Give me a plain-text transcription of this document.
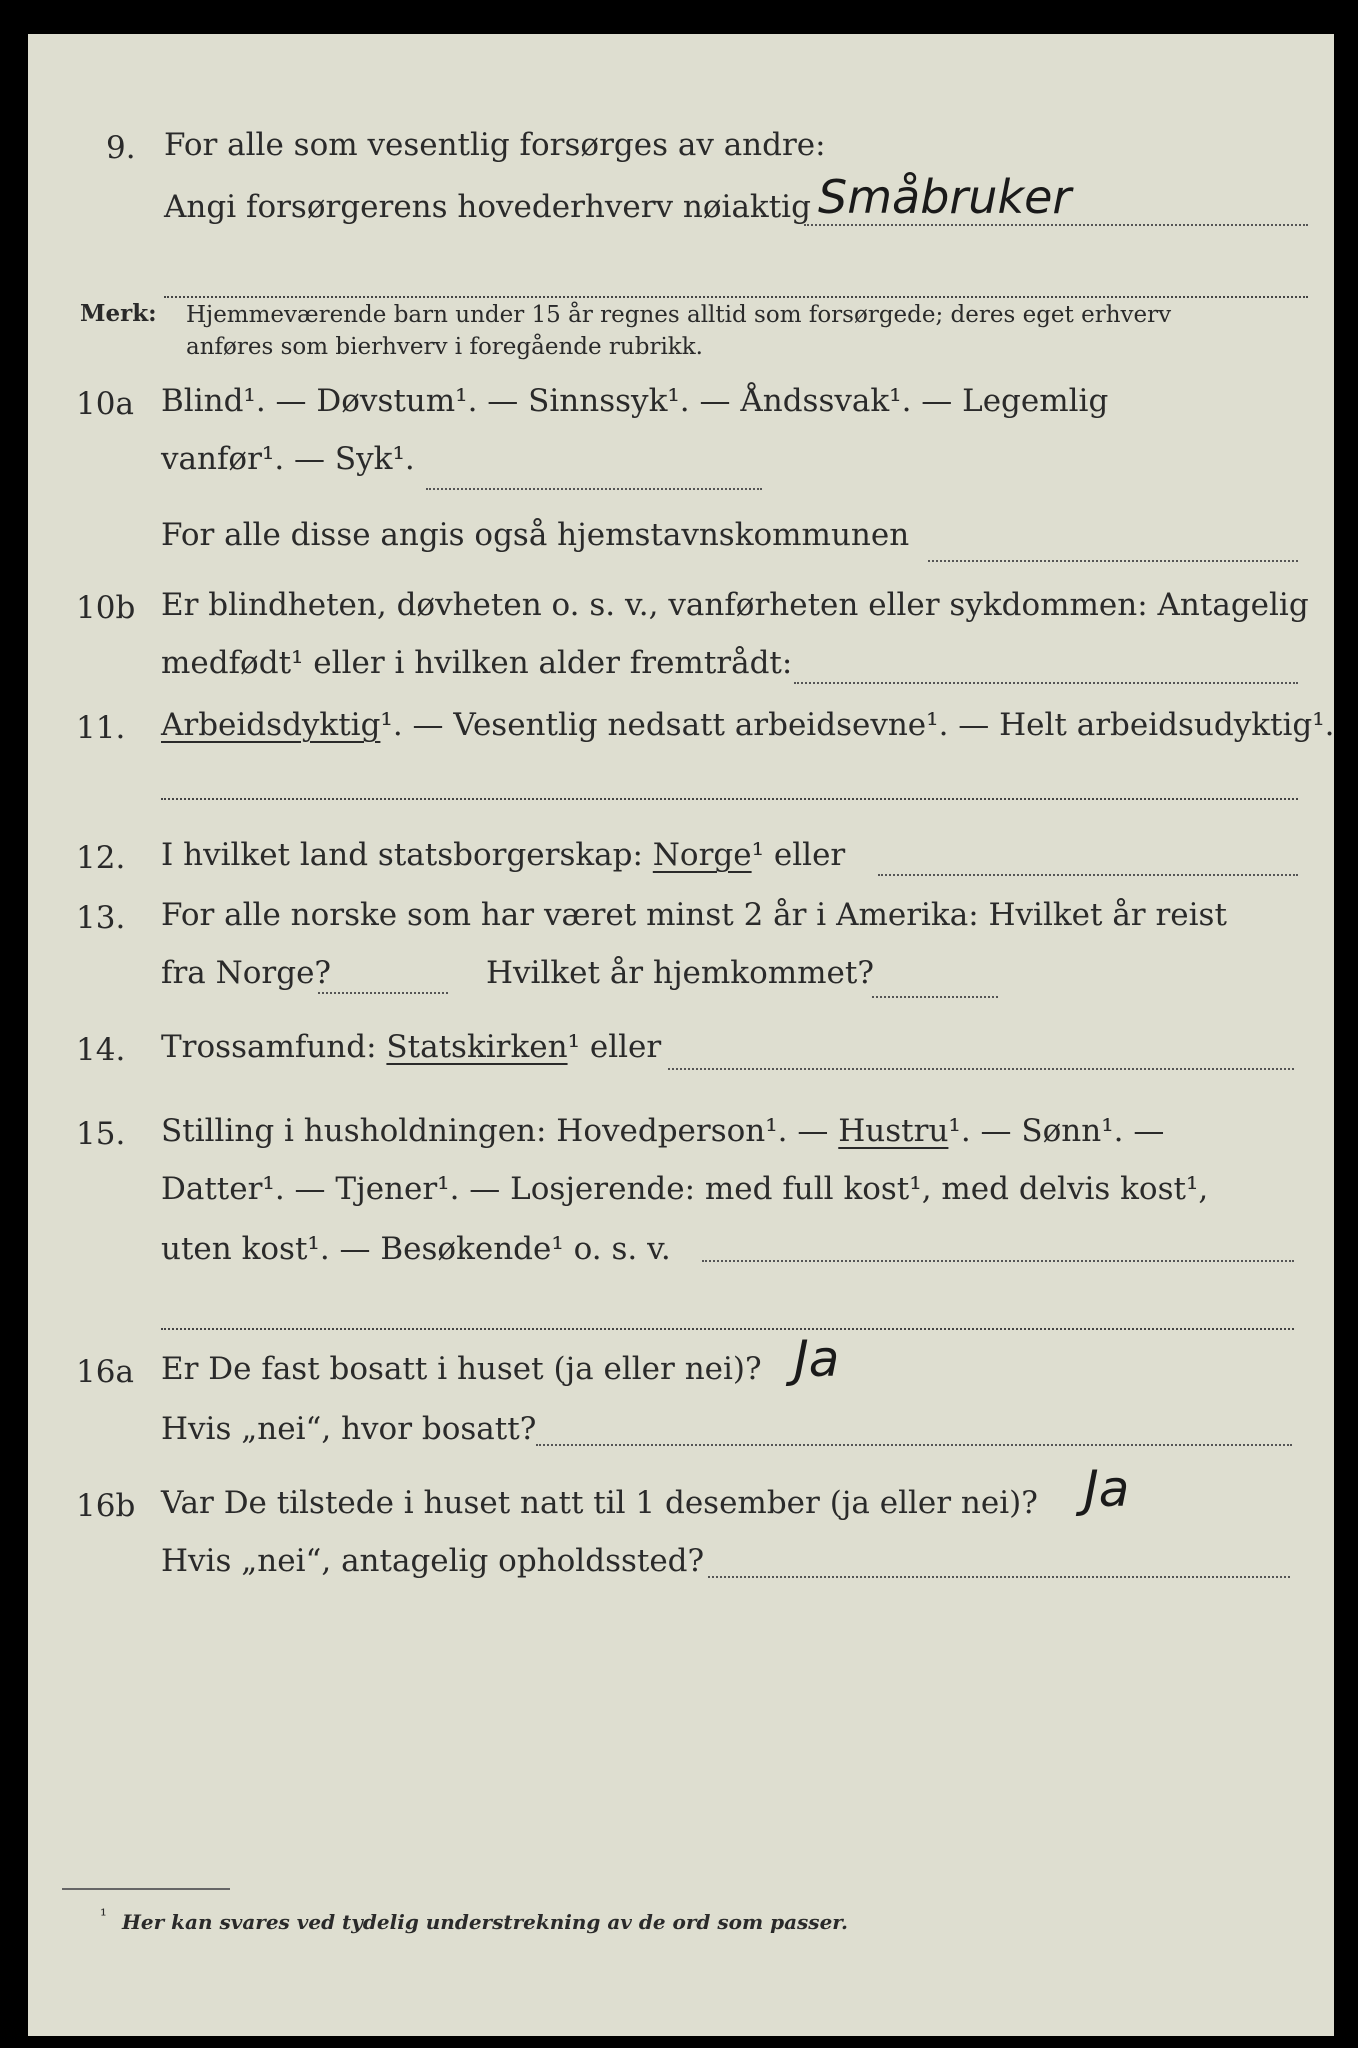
9. For alle som vesentlig forsørges av andre:
Angi forsørgerens hovederhverv nøiaktig Småbruker
Merk: Hjemmeværende barn under 15 år regnes alltid som forsørgede; deres eget erhverv
anføres som bierhverv i foregående rubrikk.
10a Blind¹. — Døvstum¹. — Sinnssyk¹. — Åndssvak¹. — Legemlig
vanfør¹. — Syk¹.
For alle disse angis også hjemstavnskommunen
10b Er blindheten, døvheten o. s. v., vanførheten eller sykdommen: Antagelig
medfødt¹ eller i hvilken alder fremtrådt:
11. Arbeidsdyktig¹. — Vesentlig nedsatt arbeidsevne¹. — Helt arbeidsudyktig¹.
12. I hvilket land statsborgerskap: Norge¹ eller
13. For alle norske som har været minst 2 år i Amerika: Hvilket år reist
fra Norge?	Hvilket år hjemkommet?
14. Trossamfund: Statskirken¹ eller
15. Stilling i husholdningen: Hovedperson¹. — Hustru¹. — Sønn¹. —
Datter¹. — Tjener¹. — Losjerende: med full kost¹, med delvis kost¹,
uten kost¹. — Besøkende¹ o. s. v.
16a Er De fast bosatt i huset (ja eller nei)? Ja
Hvis „nei“, hvor bosatt?
16b Var De tilstede i huset natt til 1 desember (ja eller nei)? Ja
Hvis „nei“, antagelig opholdssted?
¹ Her kan svares ved tydelig understrekning av de ord som passer.
